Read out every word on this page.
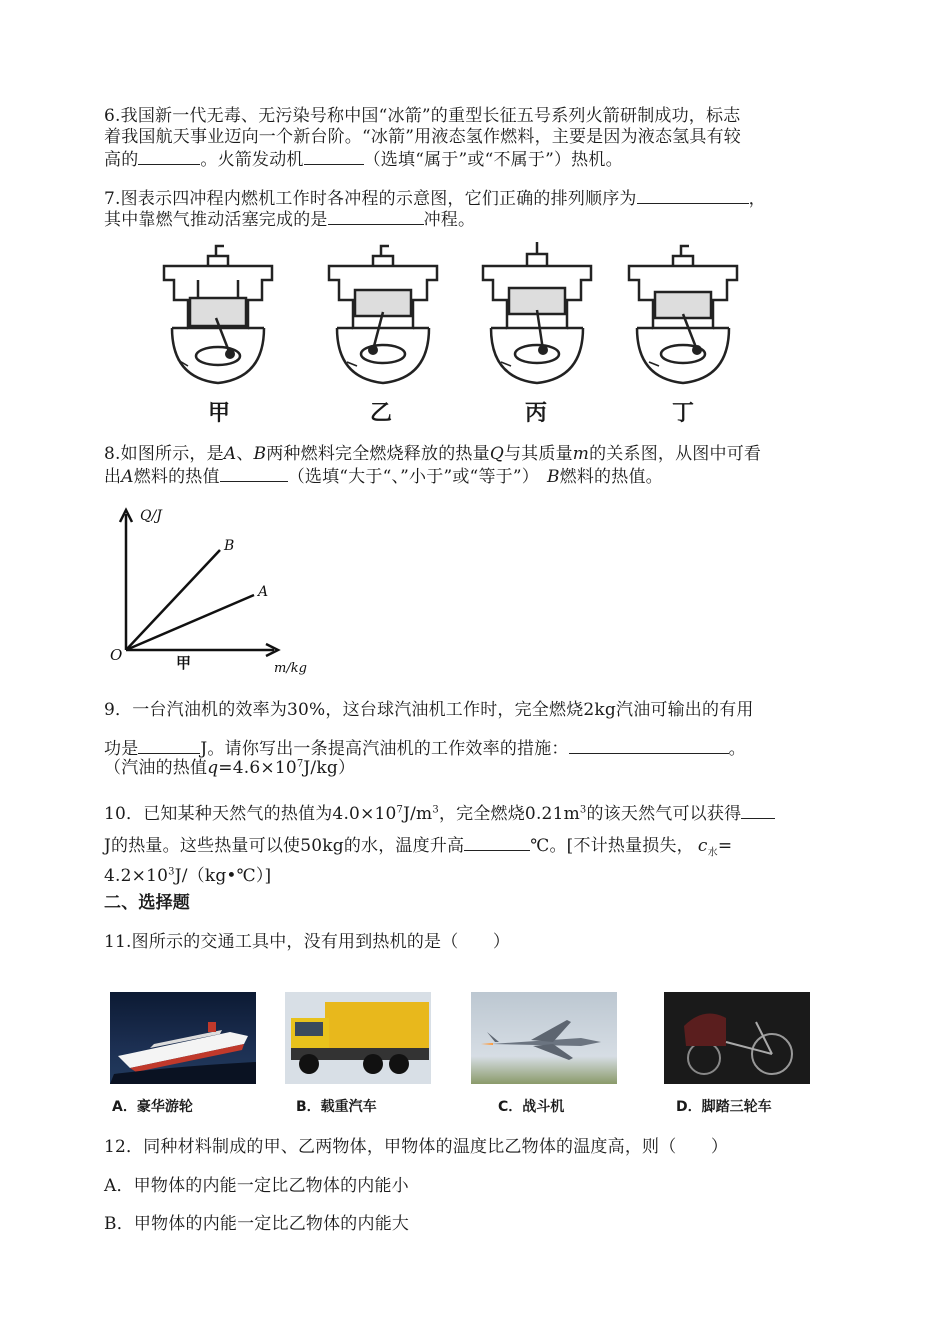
6.我国新一代无毒、无污染号称中国“冰箭”的重型长征五号系列火箭研制成功，标志
着我国航天事业迈向一个新台阶。“冰箭”用液态氢作燃料，主要是因为液态氢具有较
高的	。火箭发动机	（选填“属于”或“不属于”）热机。
7.图表示四冲程内燃机工作时各冲程的示意图，它们正确的排列顺序为	，
其中靠燃气推动活塞完成的是	冲程。
甲	乙	丙	丁
8.如图所示，是A、B两种燃料完全燃烧释放的热量Q与其质量m的关系图，从图中可看
出A燃料的热值	（选填“大于“、”小于”或“等于”） B燃料的热值。
Q/J
B
A
O	甲	m/kg
9．一台汽油机的效率为30%，这台球汽油机工作时，完全燃烧2kg汽油可输出的有用
功是	J。请你写出一条提高汽油机的工作效率的措施：	。
（汽油的热值$q=4.6\times 10^7J/kg$）
10．已知某种天然气的热值为$4.0\times 10^7J/m^3$，完全燃烧$0.21m^3$的该天然气可以获得
J的热量。这些热量可以使50kg的水，温度升高	℃。[不计热量损失， $c_水=$
$4.2\times 10^3J/(kg•℃)$]
二、选择题
11.图所示的交通工具中，没有用到热机的是（　　）
A．豪华游轮	B．载重汽车	C．战斗机	D．脚踏三轮车
12．同种材料制成的甲、乙两物体，甲物体的温度比乙物体的温度高，则（　　）
A．甲物体的内能一定比乙物体的内能小
B．甲物体的内能一定比乙物体的内能大
